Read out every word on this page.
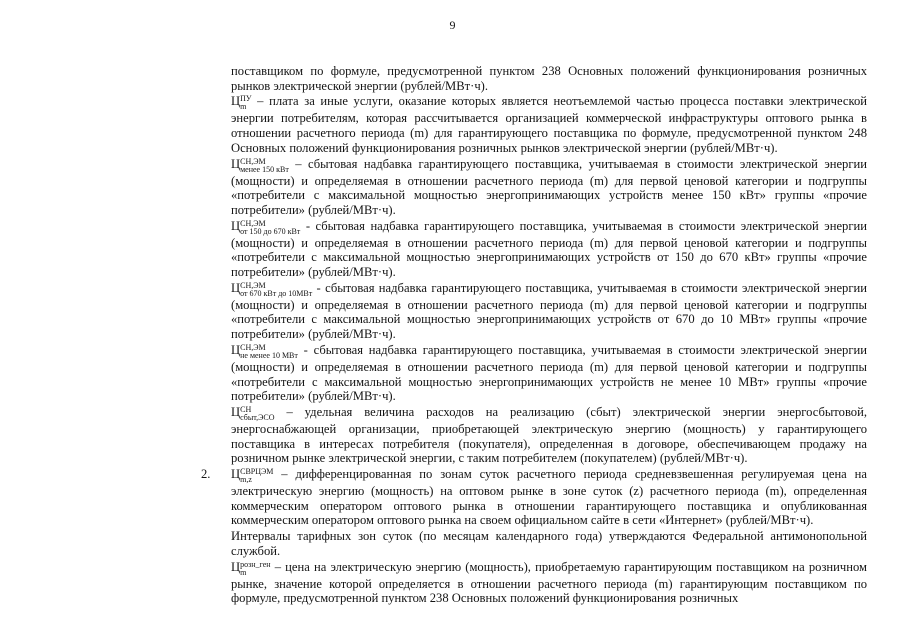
9

поставщиком по формуле, предусмотренной пунктом 238 Основных положений функционирования розничных рынков электрической энергии (рублей/МВт·ч).

Ц ПУ
m – плата за иные услуги, оказание которых является неотъемлемой частью процесса поставки электрической энергии потребителям, которая рассчитывается организацией коммерческой инфраструктуры оптового рынка в отношении расчетного периода (m) для гарантирующего поставщика по формуле, предусмотренной пунктом 248 Основных положений функционирования розничных рынков электрической энергии (рублей/МВт·ч).

Ц СН,ЭМ
менее 150 кВт – сбытовая надбавка гарантирующего поставщика, учитываемая в стоимости электрической энергии (мощности) и определяемая в отношении расчетного периода (m) для первой ценовой категории и подгруппы «потребители с максимальной мощностью энергопринимающих устройств менее 150 кВт» группы «прочие потребители» (рублей/МВт·ч).

Ц СН,ЭМ
от 150 до 670 кВт - сбытовая надбавка гарантирующего поставщика, учитываемая в стоимости электрической энергии (мощности) и определяемая в отношении расчетного периода (m) для первой ценовой категории и подгруппы «потребители с максимальной мощностью энергопринимающих устройств от 150 до 670 кВт» группы «прочие потребители» (рублей/МВт·ч).

Ц СН,ЭМ
от 670 кВт до 10МВт - сбытовая надбавка гарантирующего поставщика, учитываемая в стоимости электрической энергии (мощности) и определяемая в отношении расчетного периода (m) для первой ценовой категории и подгруппы «потребители с максимальной мощностью энергопринимающих устройств от 670 до 10 МВт» группы «прочие потребители» (рублей/МВт·ч).

Ц СН,ЭМ
не менее 10 МВт - сбытовая надбавка гарантирующего поставщика, учитываемая в стоимости электрической энергии (мощности) и определяемая в отношении расчетного периода (m) для первой ценовой категории и подгруппы «потребители с максимальной мощностью энергопринимающих устройств не менее 10 МВт» группы «прочие потребители» (рублей/МВт·ч).

Ц СН
сбыт,ЭСО – удельная величина расходов на реализацию (сбыт) электрической энергии энергосбытовой, энергоснабжающей организации, приобретающей электрическую энергию (мощность) у гарантирующего поставщика в интересах потребителя (покупателя), определенная в договоре, обеспечивающем продажу на розничном рынке электрической энергии, с таким потребителем (покупателем) (рублей/МВт·ч).

2. Ц СВРЦЭМ
m,z	– дифференцированная по зонам суток расчетного периода средневзвешенная регулируемая цена на электрическую энергию (мощность) на оптовом рынке в зоне суток (z) расчетного периода (m), определенная коммерческим оператором оптового рынка в отношении гарантирующего поставщика и опубликованная коммерческим оператором оптового рынка на своем официальном сайте в сети «Интернет» (рублей/МВт·ч).

Интервалы тарифных зон суток (по месяцам календарного года) утверждаются Федеральной антимонопольной службой.

Ц розн_ген
m	– цена на электрическую энергию (мощность), приобретаемую гарантирующим поставщиком на розничном рынке, значение которой определяется в отношении расчетного периода (m) гарантирующим поставщиком по формуле, предусмотренной пунктом 238 Основных положений функционирования розничных
